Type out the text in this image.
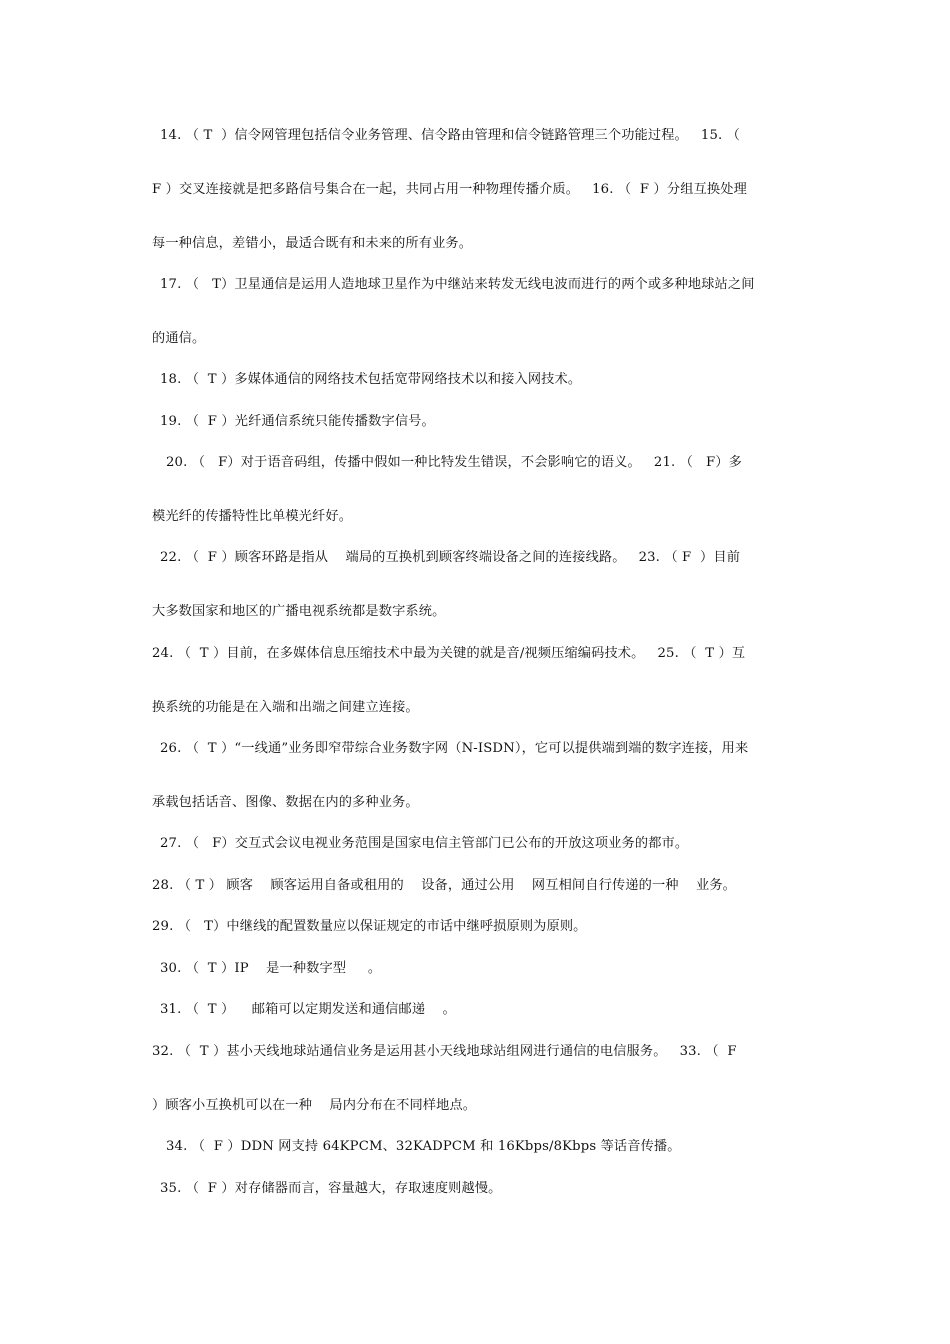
14. （ T  ）信令网管理包括信令业务管理、信令路由管理和信令链路管理三个功能过程。   15. （
F ）交叉连接就是把多路信号集合在一起，共同占用一种物理传播介质。   16. （  F ）分组互换处理
每一种信息，差错小，最适合既有和未来的所有业务。
17. （   T）卫星通信是运用人造地球卫星作为中继站来转发无线电波而进行的两个或多种地球站之间
的通信。
18. （  T ）多媒体通信的网络技术包括宽带网络技术以和接入网技术。
19. （  F ）光纤通信系统只能传播数字信号。
20. （   F）对于语音码组，传播中假如一种比特发生错误，不会影响它的语义。   21. （   F）多
模光纤的传播特性比单模光纤好。
22. （  F ）顾客环路是指从    端局的互换机到顾客终端设备之间的连接线路。   23. （ F  ）目前
大多数国家和地区的广播电视系统都是数字系统。
24. （  T ）目前，在多媒体信息压缩技术中最为关键的就是音/视频压缩编码技术。   25. （  T ）互
换系统的功能是在入端和出端之间建立连接。
26. （  T ）“一线通”业务即窄带综合业务数字网（N-ISDN），它可以提供端到端的数字连接，用来
承载包括话音、图像、数据在内的多种业务。
27. （   F）交互式会议电视业务范围是国家电信主管部门已公布的开放这项业务的都市。
28. （ T ） 顾客    顾客运用自备或租用的    设备，通过公用    网互相间自行传递的一种    业务。
29. （   T）中继线的配置数量应以保证规定的市话中继呼损原则为原则。
30. （  T ）IP    是一种数字型     。
31. （  T ）    邮箱可以定期发送和通信邮递    。
32. （  T ）甚小天线地球站通信业务是运用甚小天线地球站组网进行通信的电信服务。   33. （  F
）顾客小互换机可以在一种    局内分布在不同样地点。
34. （  F ）DDN 网支持 64KPCM、32KADPCM 和 16Kbps/8Kbps 等话音传播。
35. （  F ）对存储器而言，容量越大，存取速度则越慢。
